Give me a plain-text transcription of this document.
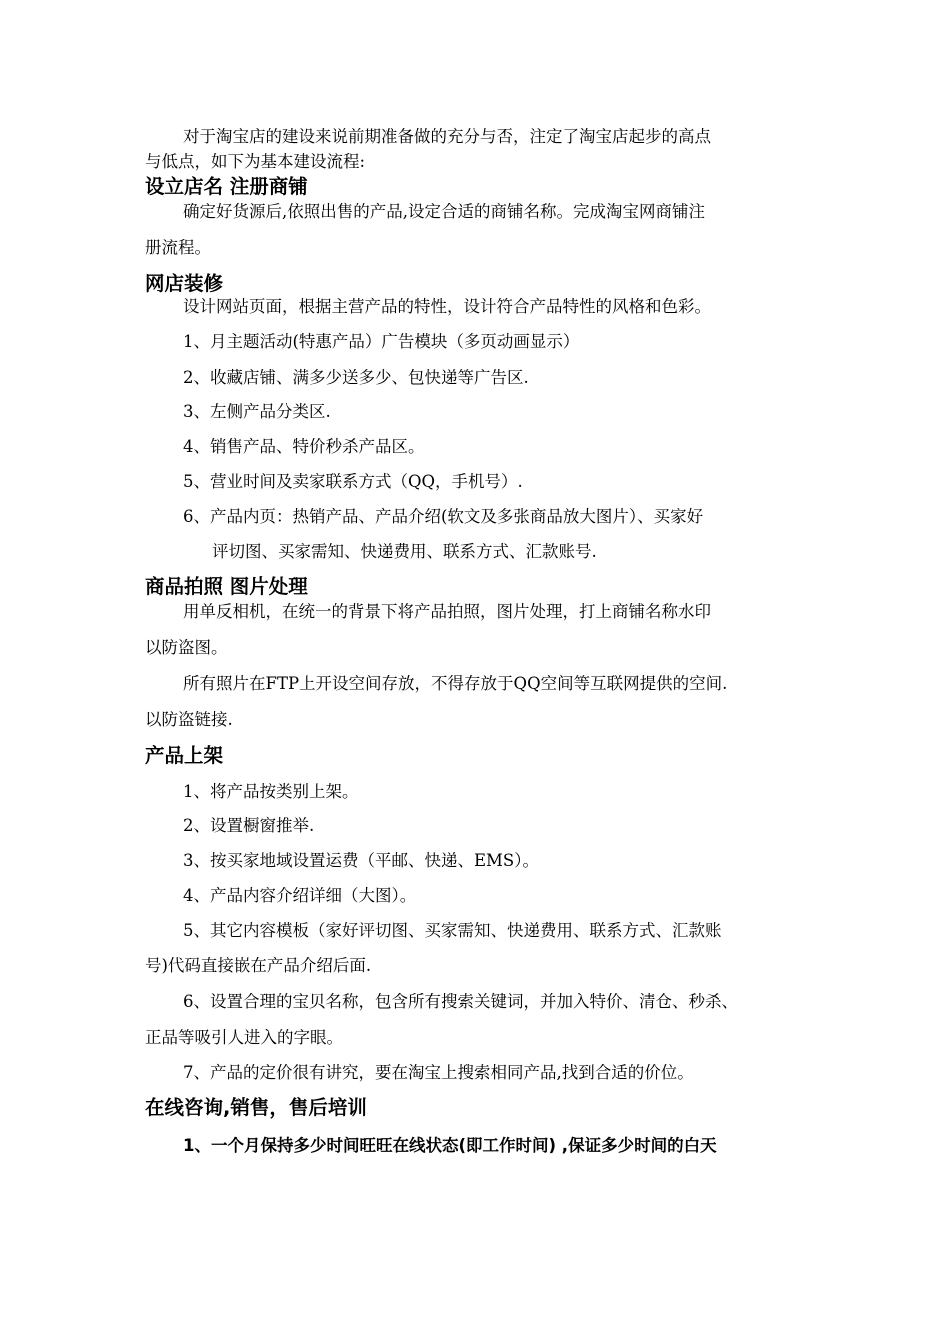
对于淘宝店的建设来说前期准备做的充分与否，注定了淘宝店起步的高点
与低点，如下为基本建设流程:
设立店名 注册商铺
确定好货源后,依照出售的产品,设定合适的商铺名称。完成淘宝网商铺注
册流程。
网店装修
设计网站页面，根据主营产品的特性，设计符合产品特性的风格和色彩。
1、月主题活动(特惠产品）广告模块（多页动画显示）
2、收藏店铺、满多少送多少、包快递等广告区.
3、左侧产品分类区.
4、销售产品、特价秒杀产品区。
5、营业时间及卖家联系方式（QQ，手机号）.
6、产品内页：热销产品、产品介绍(软文及多张商品放大图片）、买家好
评切图、买家需知、快递费用、联系方式、汇款账号.
商品拍照 图片处理
用单反相机，在统一的背景下将产品拍照，图片处理，打上商铺名称水印
以防盗图。
所有照片在FTP上开设空间存放，不得存放于QQ空间等互联网提供的空间.
以防盗链接.
产品上架
1、将产品按类别上架。
2、设置橱窗推举.
3、按买家地域设置运费（平邮、快递、EMS）。
4、产品内容介绍详细（大图）。
5、其它内容模板（家好评切图、买家需知、快递费用、联系方式、汇款账
号)代码直接嵌在产品介绍后面.
6、设置合理的宝贝名称，包含所有搜索关键词，并加入特价、清仓、秒杀、
正品等吸引人进入的字眼。
7、产品的定价很有讲究，要在淘宝上搜索相同产品,找到合适的价位。
在线咨询,销售，售后培训
1、一个月保持多少时间旺旺在线状态(即工作时间) ,保证多少时间的白天
